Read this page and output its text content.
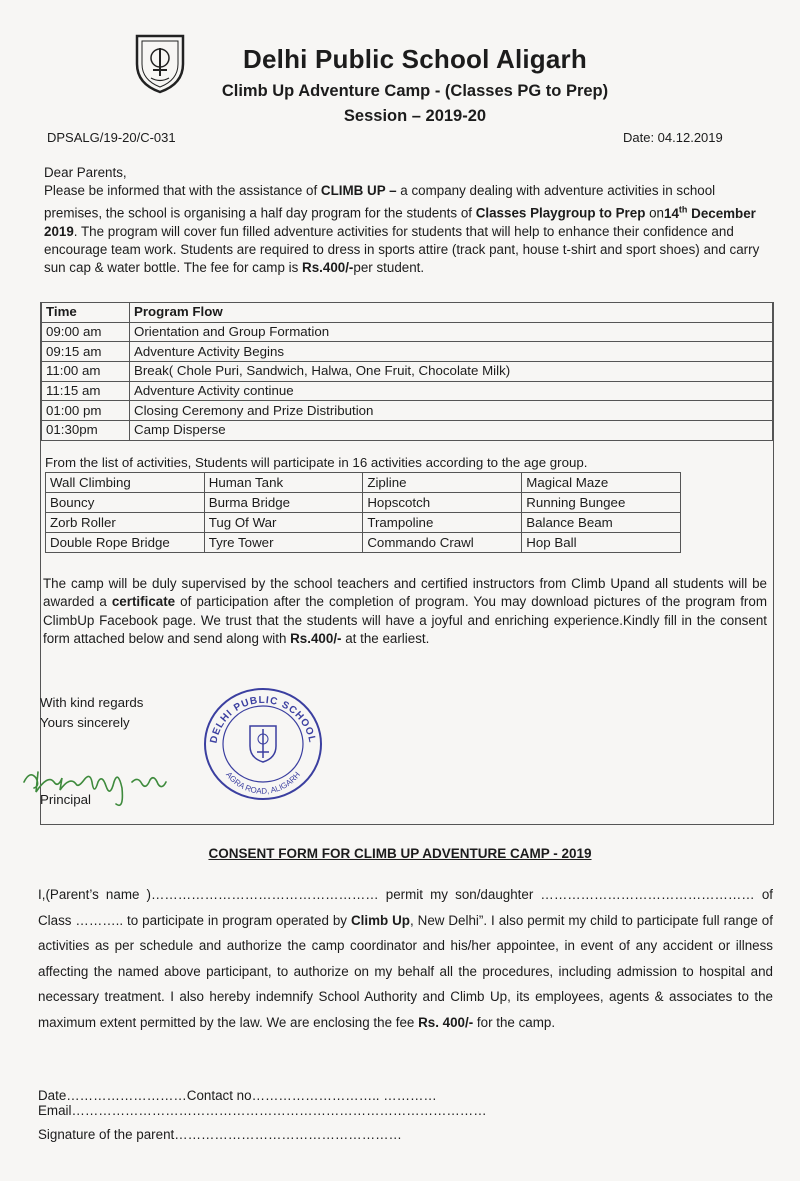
Delhi Public School Aligarh
Climb Up Adventure Camp - (Classes PG to Prep)
Session – 2019-20
DPSALG/19-20/C-031	Date: 04.12.2019

Dear Parents,

Please be informed that with the assistance of CLIMB UP – a company dealing with adventure activities in school premises, the school is organising a half day program for the students of Classes Playgroup to Prep on14th December 2019. The program will cover fun filled adventure activities for students that will help to enhance their confidence and encourage team work. Students are required to dress in sports attire (track pant, house t-shirt and sport shoes) and carry sun cap & water bottle. The fee for camp is Rs.400/-per student.

Time	Program Flow
09:00 am	Orientation and Group Formation
09:15 am	Adventure Activity Begins
11:00 am	Break( Chole Puri, Sandwich, Halwa, One Fruit, Chocolate Milk)
11:15 am	Adventure Activity continue
01:00 pm	Closing Ceremony and Prize Distribution
01:30pm	Camp Disperse
From the list of activities, Students will participate in 16 activities according to the age group.
Wall Climbing	Human Tank	Zipline	Magical Maze
Bouncy	Burma Bridge	Hopscotch	Running Bungee
Zorb Roller	Tug Of War	Trampoline	Balance Beam
Double Rope Bridge	Tyre Tower	Commando Crawl	Hop Ball
The camp will be duly supervised by the school teachers and certified instructors from Climb Upand all students will be awarded a certificate of participation after the completion of program. You may download pictures of the program from ClimbUp Facebook page. We trust that the students will have a joyful and enriching experience.Kindly fill in the consent form attached below and send along with Rs.400/- at the earliest.
With kind regards
Yours sincerely
DELHI PUBLIC SCHOOL
AGRA ROAD, ALIGARH
Principal
CONSENT FORM FOR CLIMB UP ADVENTURE CAMP - 2019
I,(Parent’s name )…………………………………………… permit my son/daughter ………………………………………… of Class ……….. to participate in program operated by Climb Up, New Delhi”. I also permit my child to participate full range of activities as per schedule and authorize the camp coordinator and his/her appointee, in event of any accident or illness affecting the named above participant, to authorize on my behalf all the procedures, including admission to hospital and necessary treatment. I also hereby indemnify School Authority and Climb Up, its employees, agents & associates to the maximum extent permitted by the law. We are enclosing the fee Rs. 400/- for the camp.
Date………………………Contact no……………………….. …………Email…………………………………………………………………………………
Signature of the parent……………………………………………
